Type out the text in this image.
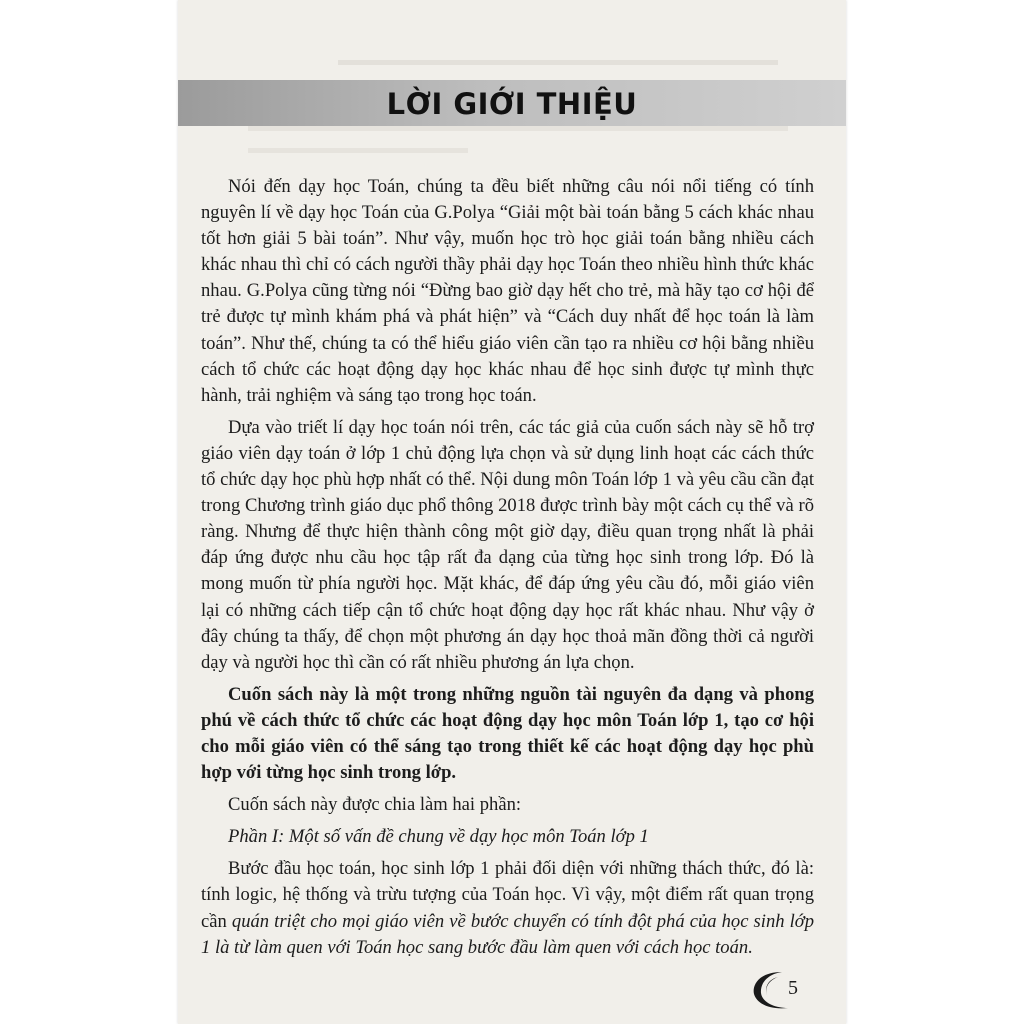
LỜI GIỚI THIỆU

Nói đến dạy học Toán, chúng ta đều biết những câu nói nổi tiếng có tính nguyên lí về dạy học Toán của G.Polya “Giải một bài toán bằng 5 cách khác nhau tốt hơn giải 5 bài toán”. Như vậy, muốn học trò học giải toán bằng nhiều cách khác nhau thì chỉ có cách người thầy phải dạy học Toán theo nhiều hình thức khác nhau. G.Polya cũng từng nói “Đừng bao giờ dạy hết cho trẻ, mà hãy tạo cơ hội để trẻ được tự mình khám phá và phát hiện” và “Cách duy nhất để học toán là làm toán”. Như thế, chúng ta có thể hiểu giáo viên cần tạo ra nhiều cơ hội bằng nhiều cách tổ chức các hoạt động dạy học khác nhau để học sinh được tự mình thực hành, trải nghiệm và sáng tạo trong học toán.

Dựa vào triết lí dạy học toán nói trên, các tác giả của cuốn sách này sẽ hỗ trợ giáo viên dạy toán ở lớp 1 chủ động lựa chọn và sử dụng linh hoạt các cách thức tổ chức dạy học phù hợp nhất có thể. Nội dung môn Toán lớp 1 và yêu cầu cần đạt trong Chương trình giáo dục phổ thông 2018 được trình bày một cách cụ thể và rõ ràng. Nhưng để thực hiện thành công một giờ dạy, điều quan trọng nhất là phải đáp ứng được nhu cầu học tập rất đa dạng của từng học sinh trong lớp. Đó là mong muốn từ phía người học. Mặt khác, để đáp ứng yêu cầu đó, mỗi giáo viên lại có những cách tiếp cận tổ chức hoạt động dạy học rất khác nhau. Như vậy ở đây chúng ta thấy, để chọn một phương án dạy học thoả mãn đồng thời cả người dạy và người học thì cần có rất nhiều phương án lựa chọn.

Cuốn sách này là một trong những nguồn tài nguyên đa dạng và phong phú về cách thức tổ chức các hoạt động dạy học môn Toán lớp 1, tạo cơ hội cho mỗi giáo viên có thể sáng tạo trong thiết kế các hoạt động dạy học phù hợp với từng học sinh trong lớp.

Cuốn sách này được chia làm hai phần:

Phần I: Một số vấn đề chung về dạy học môn Toán lớp 1

Bước đầu học toán, học sinh lớp 1 phải đối diện với những thách thức, đó là: tính logic, hệ thống và trừu tượng của Toán học. Vì vậy, một điểm rất quan trọng cần quán triệt cho mọi giáo viên về bước chuyển có tính đột phá của học sinh lớp 1 là từ làm quen với Toán học sang bước đầu làm quen với cách học toán.

5
